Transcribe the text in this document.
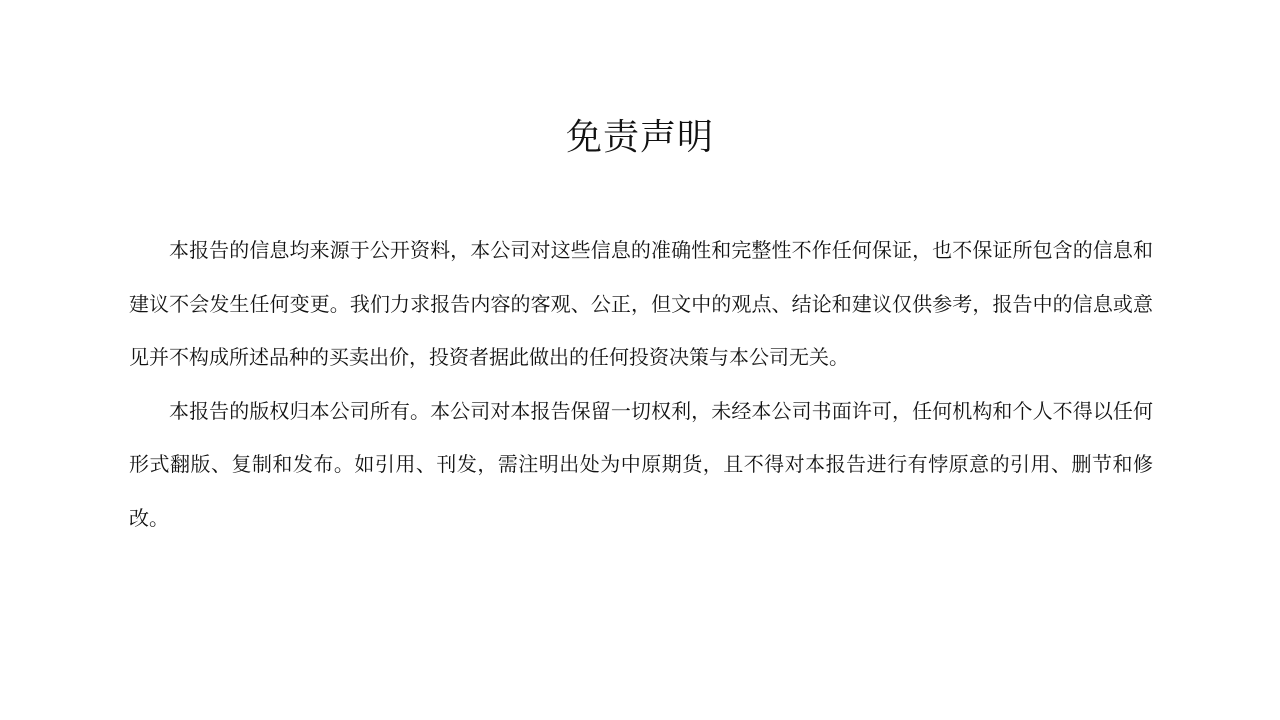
免责声明

本报告的信息均来源于公开资料，本公司对这些信息的准确性和完整性不作任何保证，也不保证所包含的信息和建议不会发生任何变更。我们力求报告内容的客观、公正，但文中的观点、结论和建议仅供参考，报告中的信息或意见并不构成所述品种的买卖出价，投资者据此做出的任何投资决策与本公司无关。

本报告的版权归本公司所有。本公司对本报告保留一切权利，未经本公司书面许可，任何机构和个人不得以任何形式翻版、复制和发布。如引用、刊发，需注明出处为中原期货，且不得对本报告进行有悖原意的引用、删节和修改。
